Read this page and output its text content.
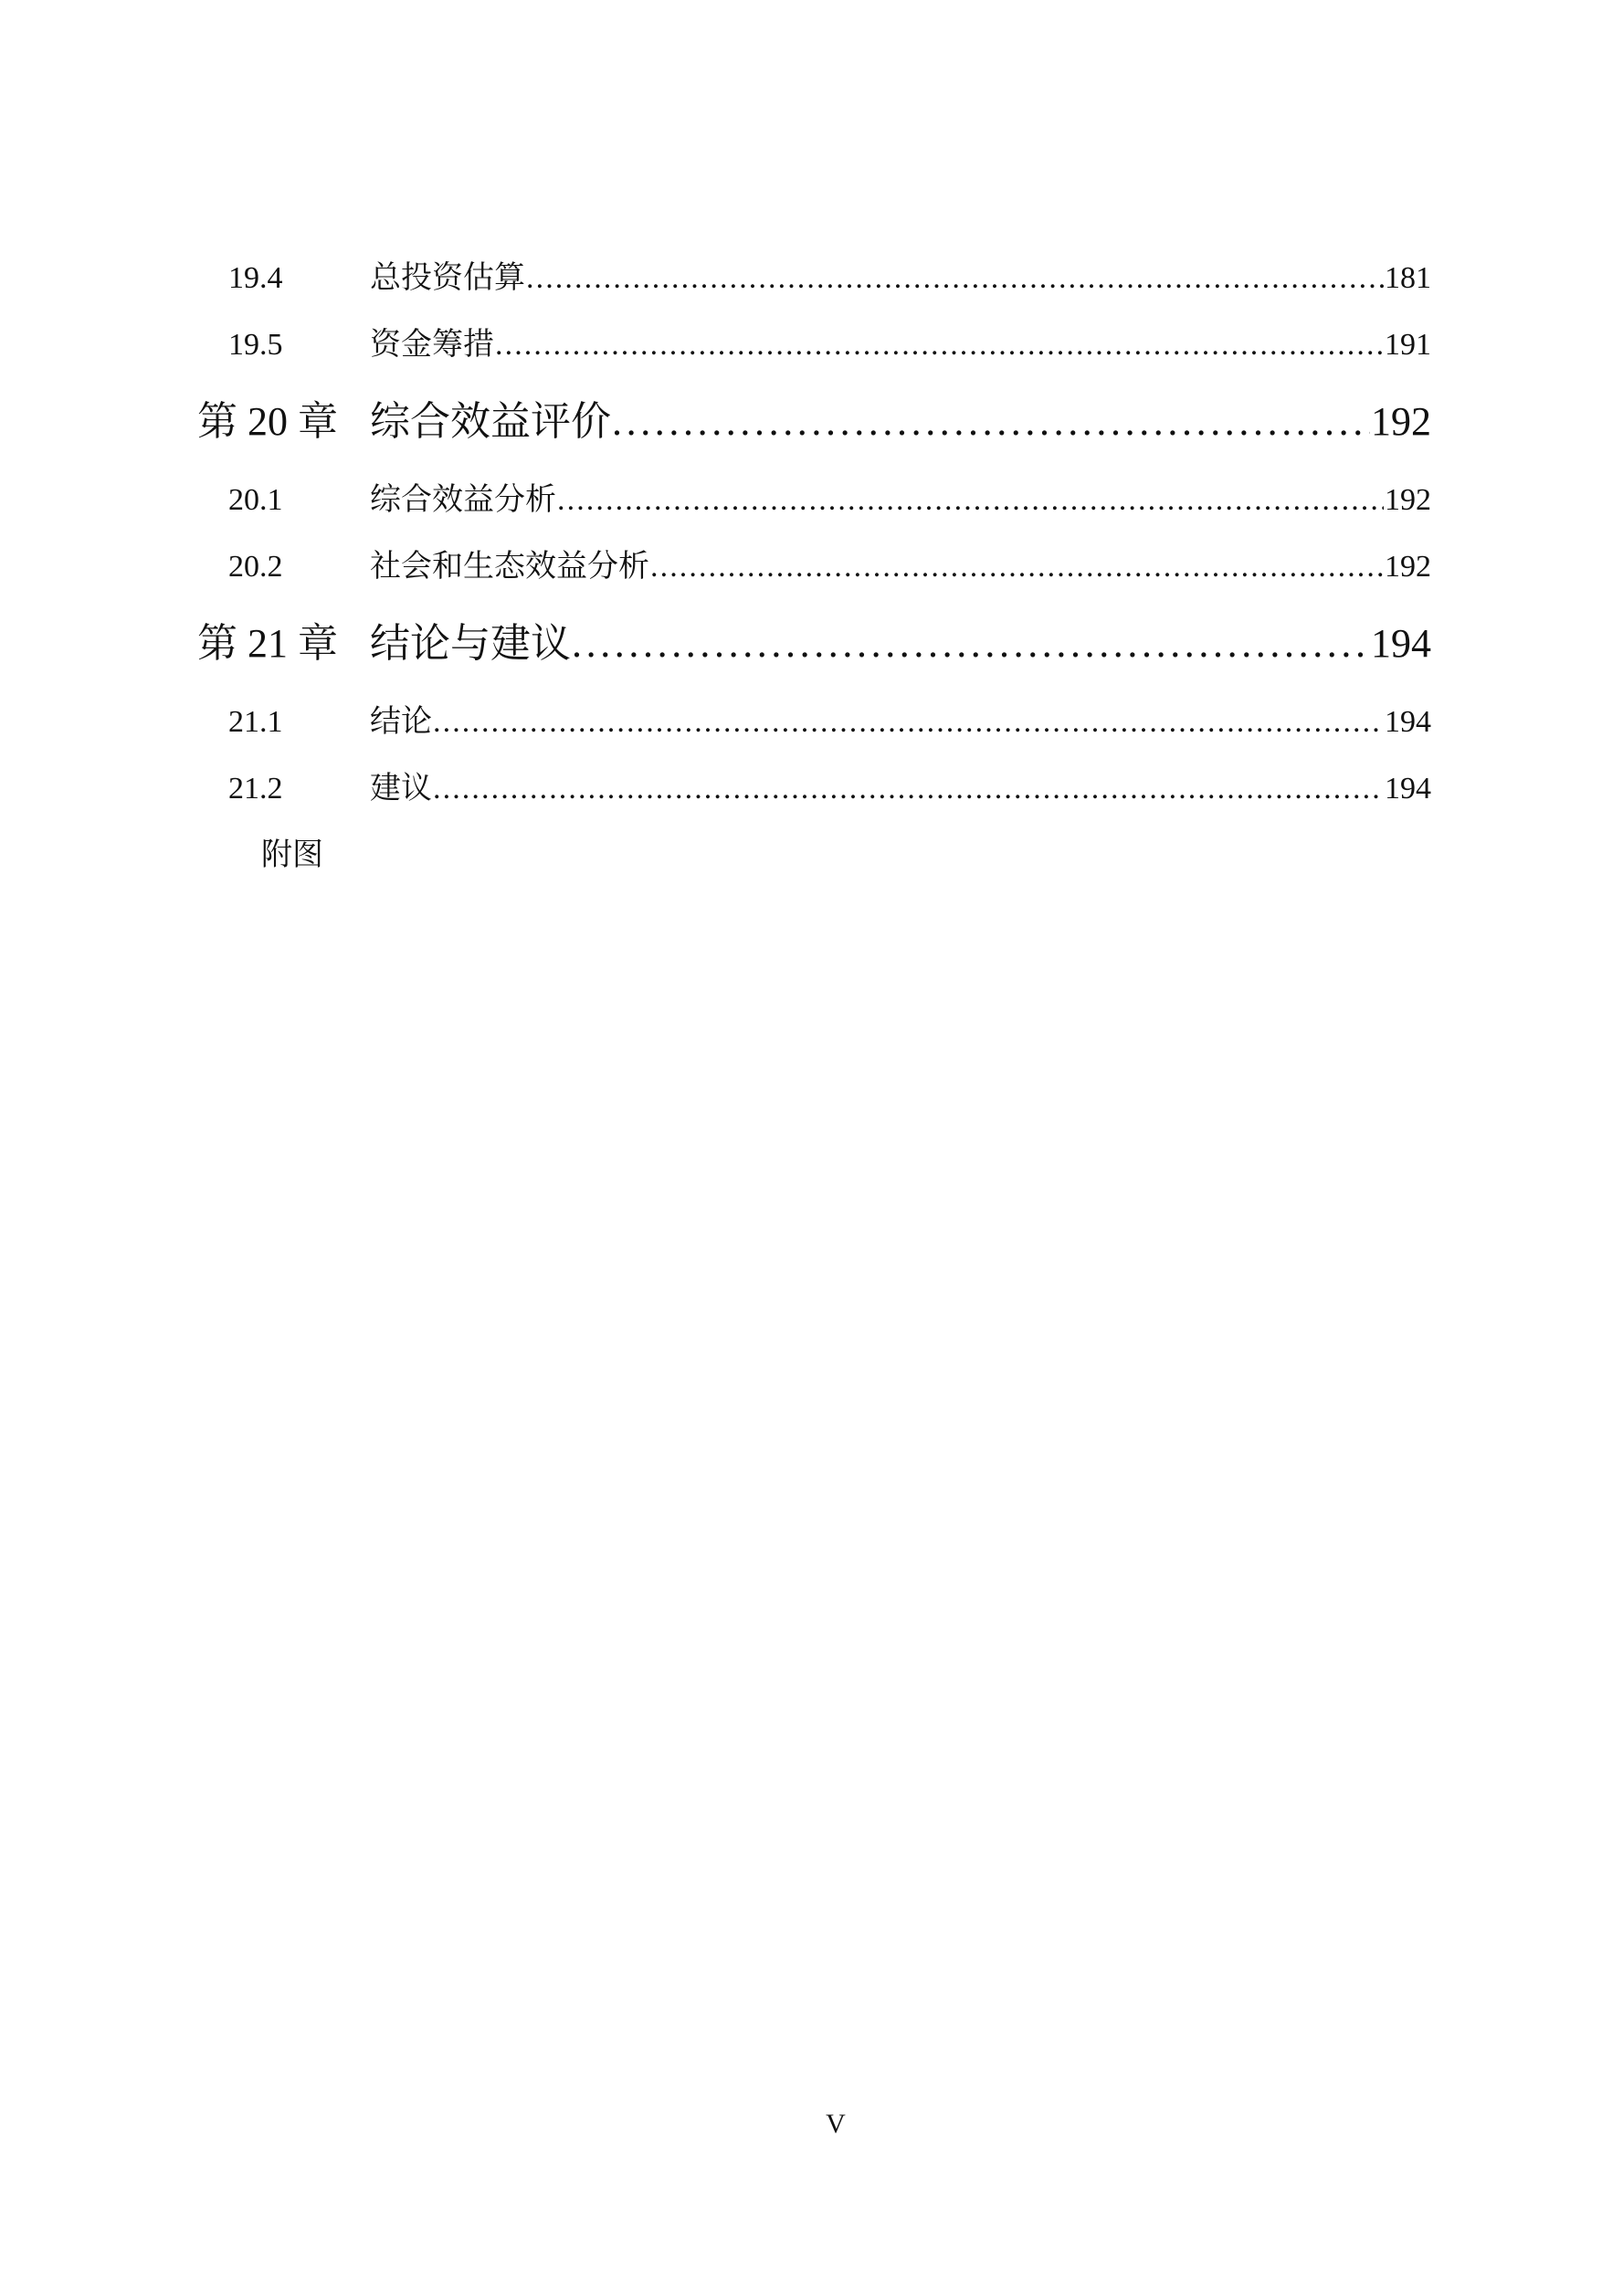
19.4	总投资估算 . . .	181
19.5	资金筹措 . . .	191
第 20 章 综合效益评价 . . .	192
20.1	综合效益分析 . . .	192
20.2	社会和生态效益分析 . . .	192
第 21 章 结论与建议 . . .	194
21.1	结论 . . .	194
21.2	建议 . . .	194
附图
V
